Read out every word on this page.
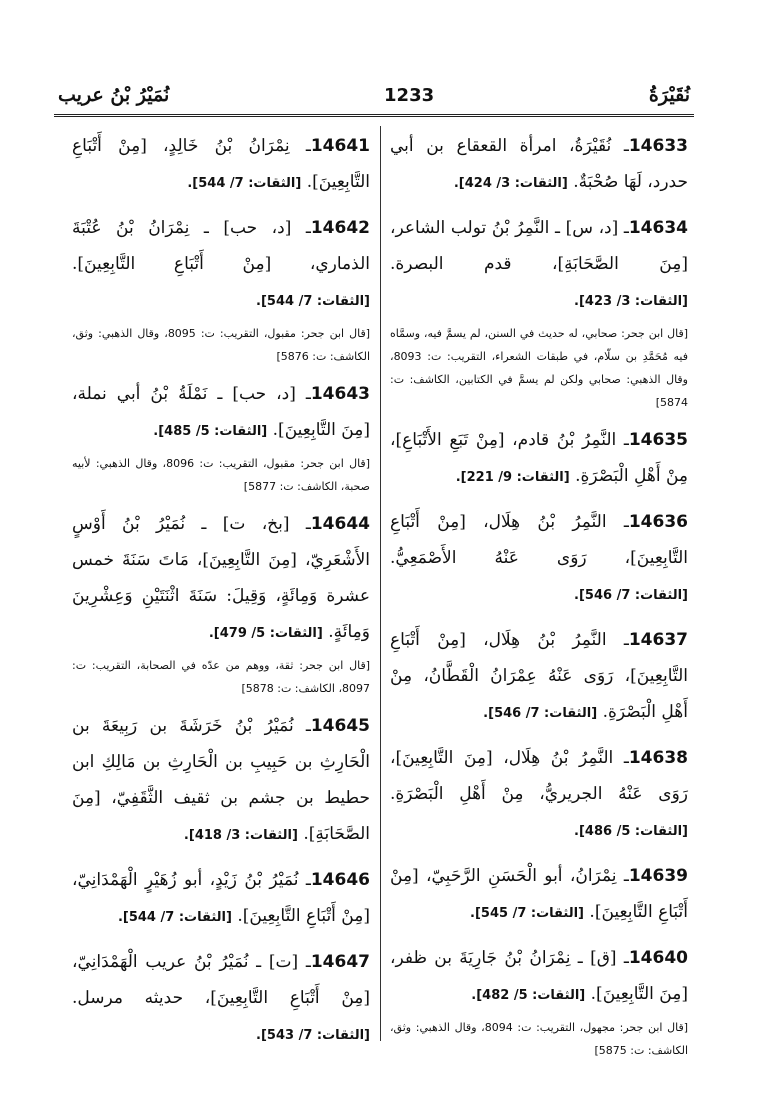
نُمَيْرُ بْنُ عريب	1233	نُقَيْرَةُ
14633ـ نُقَيْرَةُ، امرأة القعقاع بن أبي حدرد، لَهَا صُحْبَةٌ. [الثقات: 3/ 424].
14634ـ [د، س] ـ النَّمِرُ بْنُ تولب الشاعر، [مِنَ الصَّحَابَةِ]، قدم البصرة. [الثقات: 3/ 423].
[قال ابن جحر: صحابي، له حديث في السنن، لم يسمَّ فيه، وسمَّاه فيه مُحَمَّدِ بن سلّام، في طبقات الشعراء، التقريب: ت: 8093، وقال الذهبي: صحابي ولكن لم يسمَّ في الكتابين، الكاشف: ت: 5874]
14635ـ النَّمِرُ بْنُ قادم، [مِنْ تَبَعِ الأَتْبَاعِ]، مِنْ أَهْلِ الْبَصْرَةِ. [الثقات: 9/ 221].
14636ـ النَّمِرُ بْنُ هِلَال، [مِنْ أَتْبَاعِ التَّابِعِينَ]، رَوَى عَنْهُ الأَصْمَعِيُّ. [الثقات: 7/ 546].
14637ـ النَّمِرُ بْنُ هِلَال، [مِنْ أَتْبَاعِ التَّابِعِينَ]، رَوَى عَنْهُ عِمْرَانُ الْقَطَّانُ، مِنْ أَهْلِ الْبَصْرَةِ. [الثقات: 7/ 546].
14638ـ النَّمِرُ بْنُ هِلَال، [مِنَ التَّابِعِينَ]، رَوَى عَنْهُ الجريريُّ، مِنْ أَهْلِ الْبَصْرَةِ. [الثقات: 5/ 486].
14639ـ نِمْرَانُ، أبو الْحَسَنِ الرَّحَبِيّ، [مِنْ أَتْبَاعِ التَّابِعِينَ]. [الثقات: 7/ 545].
14640ـ [ق] ـ نِمْرَانُ بْنُ جَارِيَةَ بن ظفر، [مِنَ التَّابِعِينَ]. [الثقات: 5/ 482].
[قال ابن جحر: مجهول، التقريب: ت: 8094، وقال الذهبي: وثق، الكاشف: ت: 5875]
14641ـ نِمْرَانُ بْنُ خَالِدٍ، [مِنْ أَتْبَاعِ التَّابِعِينَ]. [الثقات: 7/ 544].
14642ـ [د، حب] ـ نِمْرَانُ بْنُ عُتْبَةَ الذماري، [مِنْ أَتْبَاعِ التَّابِعِينَ]. [الثقات: 7/ 544].
[قال ابن جحر: مقبول، التقريب: ت: 8095، وقال الذهبي: وثق، الكاشف: ت: 5876]
14643ـ [د، حب] ـ نَمْلَةُ بْنُ أبي نملة، [مِنَ التَّابِعِينَ]. [الثقات: 5/ 485].
[قال ابن جحر: مقبول، التقريب: ت: 8096، وقال الذهبي: لأبيه صحبة، الكاشف: ت: 5877]
14644ـ [بخ، ت] ـ نُمَيْرُ بْنُ أَوْسٍ الأَشْعَرِيّ، [مِنَ التَّابِعِينَ]، مَاتَ سَنَةَ خمس عشرة وَمِائَةٍ، وَقِيلَ: سَنَةَ اثْنَتَيْنِ وَعِشْرِينَ وَمِائَةٍ. [الثقات: 5/ 479].
[قال ابن جحر: ثقة، ووهم من عدّه في الصحابة، التقريب: ت: 8097، الكاشف: ت: 5878]
14645ـ نُمَيْرُ بْنُ خَرَشَةَ بن رَبِيعَةَ بن الْحَارِثِ بن حَبِيبِ بن الْحَارِثِ بن مَالِكِ ابن حطيط بن جشم بن ثقيف الثَّقَفِيّ، [مِنَ الصَّحَابَةِ]. [الثقات: 3/ 418].
14646ـ نُمَيْرُ بْنُ زَيْدٍ، أبو زُهَيْرٍ الْهَمْدَانِيّ، [مِنْ أَتْبَاعِ التَّابِعِينَ]. [الثقات: 7/ 544].
14647ـ [ت] ـ نُمَيْرُ بْنُ عريب الْهَمْدَانِيّ، [مِنْ أَتْبَاعِ التَّابِعِينَ]، حديثه مرسل. [الثقات: 7/ 543].
